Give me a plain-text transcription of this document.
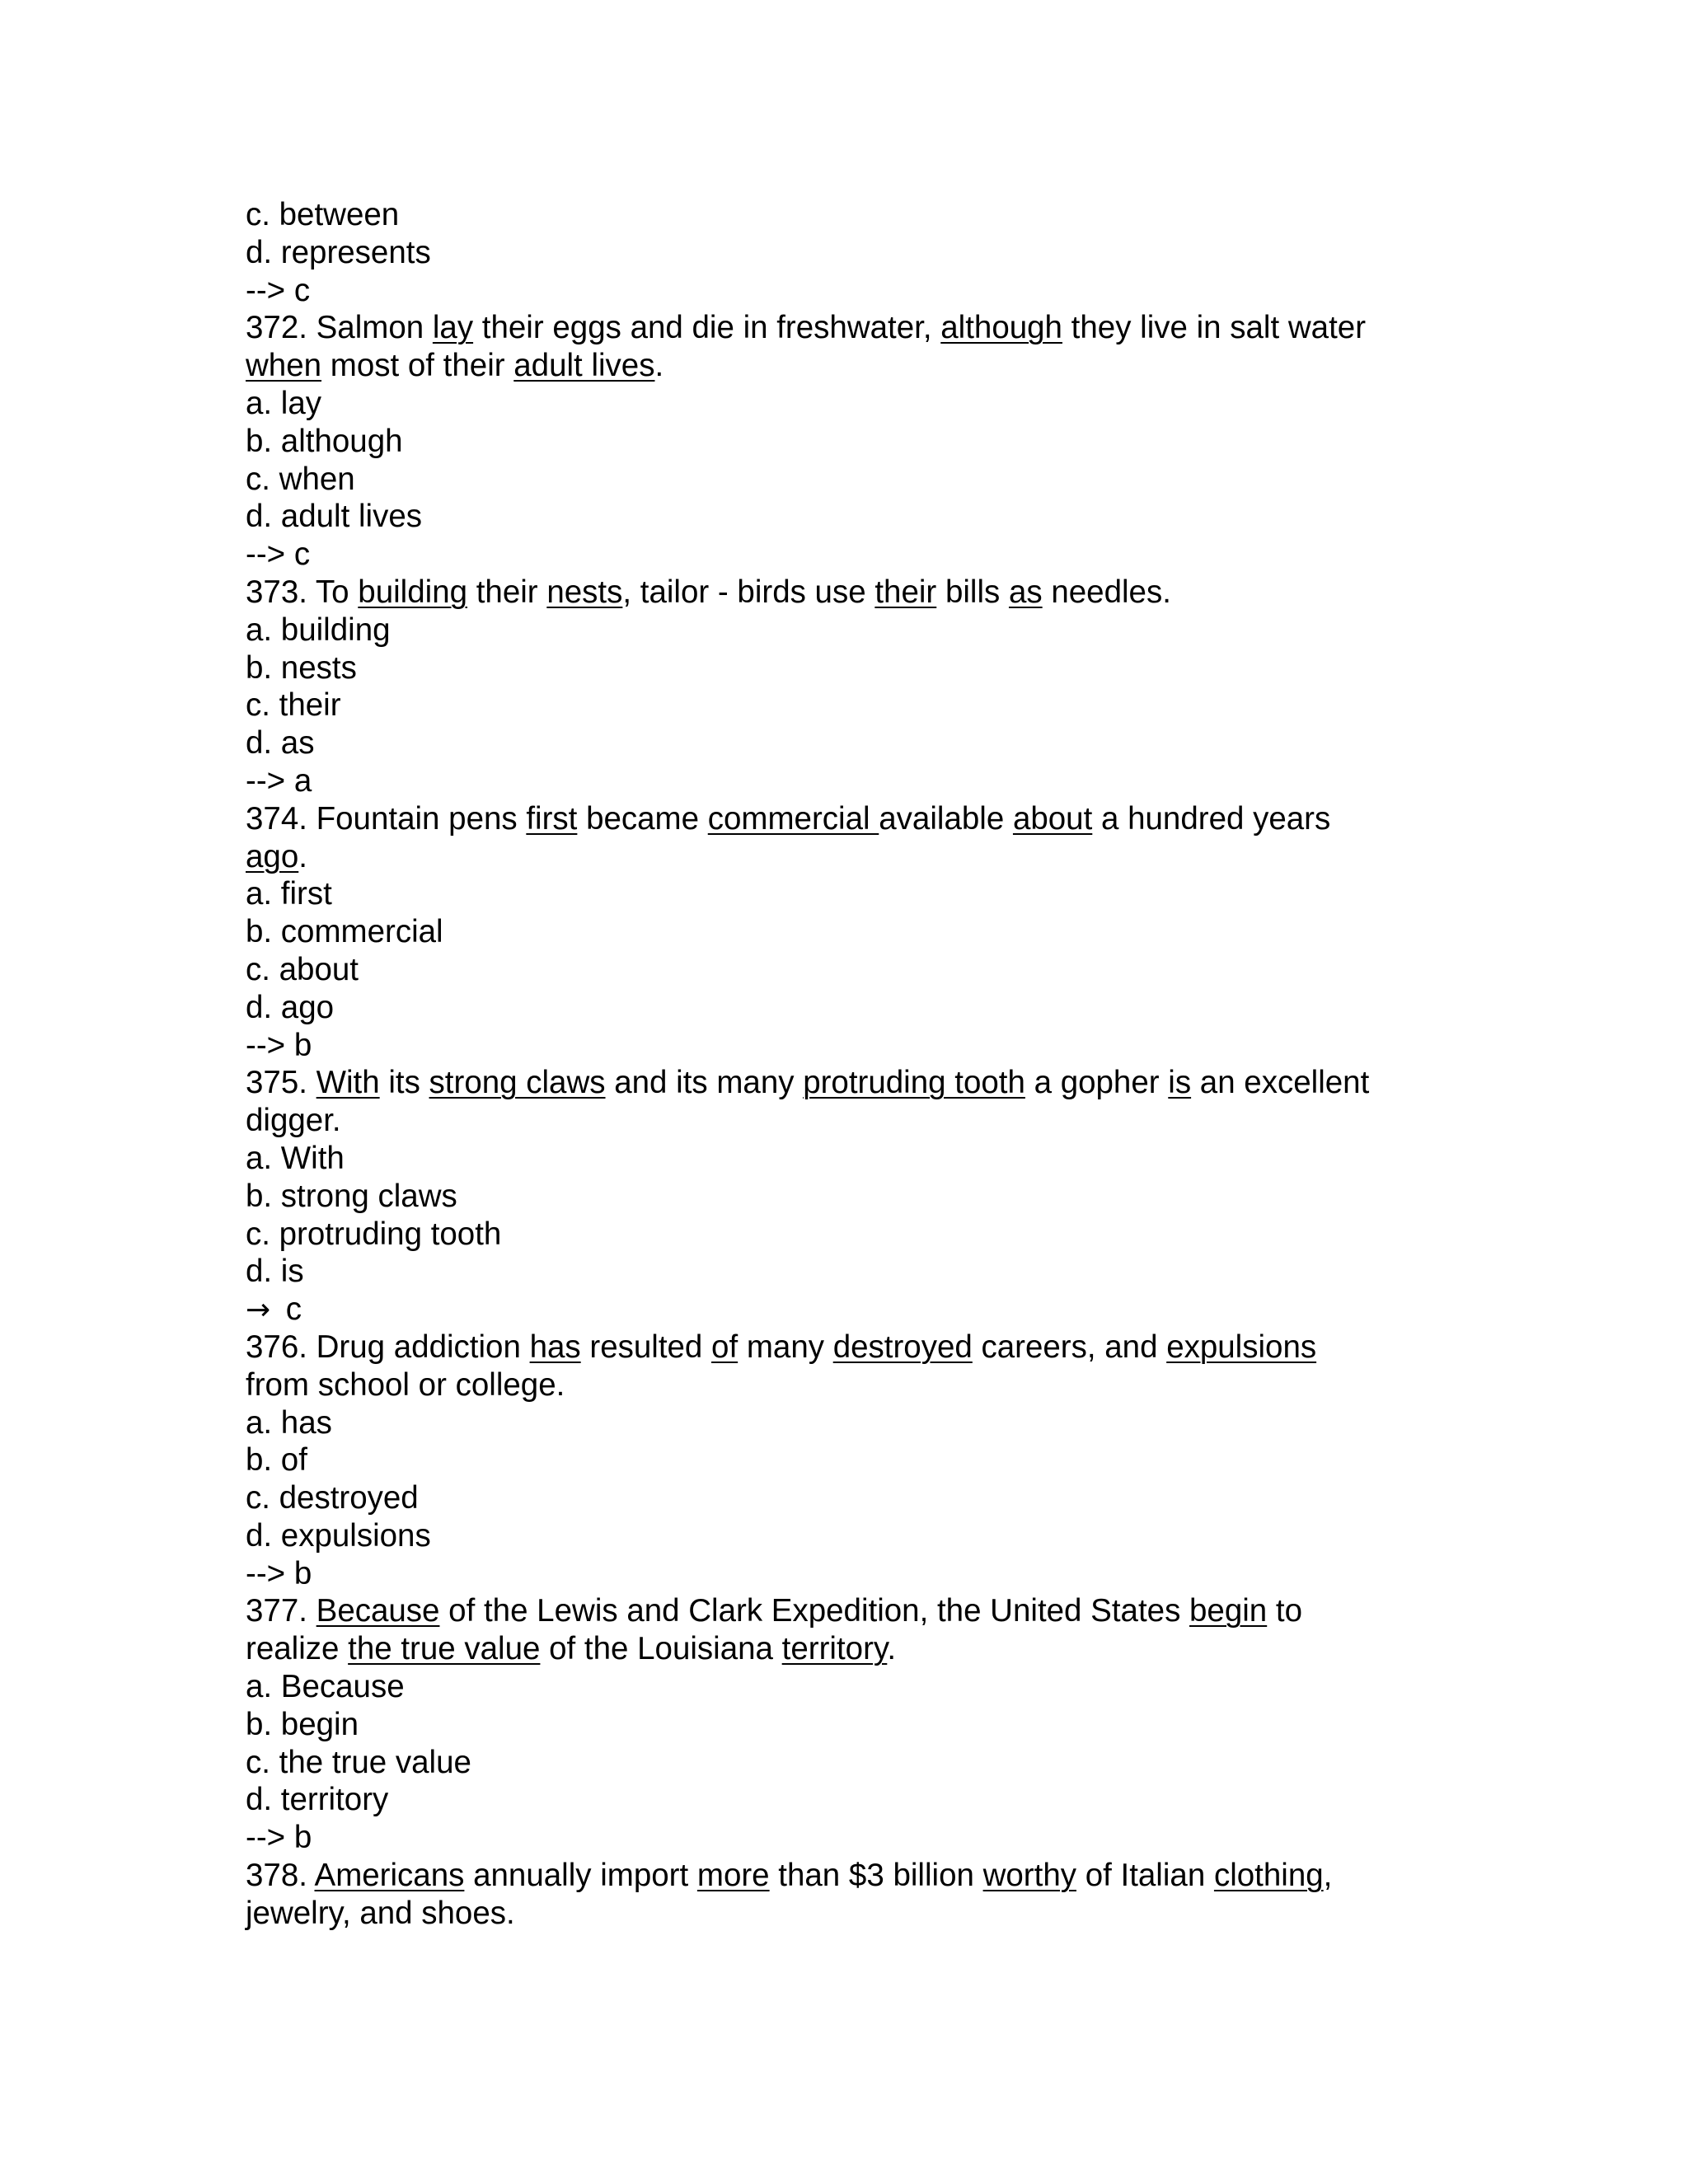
c. between
d. represents
--> c
372. Salmon lay their eggs and die in freshwater, although they live in salt water
when most of their adult lives.
a. lay
b. although
c. when
d. adult lives
--> c
373. To building their nests, tailor - birds use their bills as needles.
a. building
b. nests
c. their
d. as
--> a
374. Fountain pens first became commercial available about a hundred years
ago.
a. first
b. commercial
c. about
d. ago
--> b
375. With its strong claws and its many protruding tooth a gopher is an excellent
digger.
a. With
b. strong claws
c. protruding tooth
d. is
→ c
376. Drug addiction has resulted of many destroyed careers, and expulsions
from school or college.
a. has
b. of
c. destroyed
d. expulsions
--> b
377. Because of the Lewis and Clark Expedition, the United States begin to
realize the true value of the Louisiana territory.
a. Because
b. begin
c. the true value
d. territory
--> b
378. Americans annually import more than $3 billion worthy of Italian clothing,
jewelry, and shoes.
